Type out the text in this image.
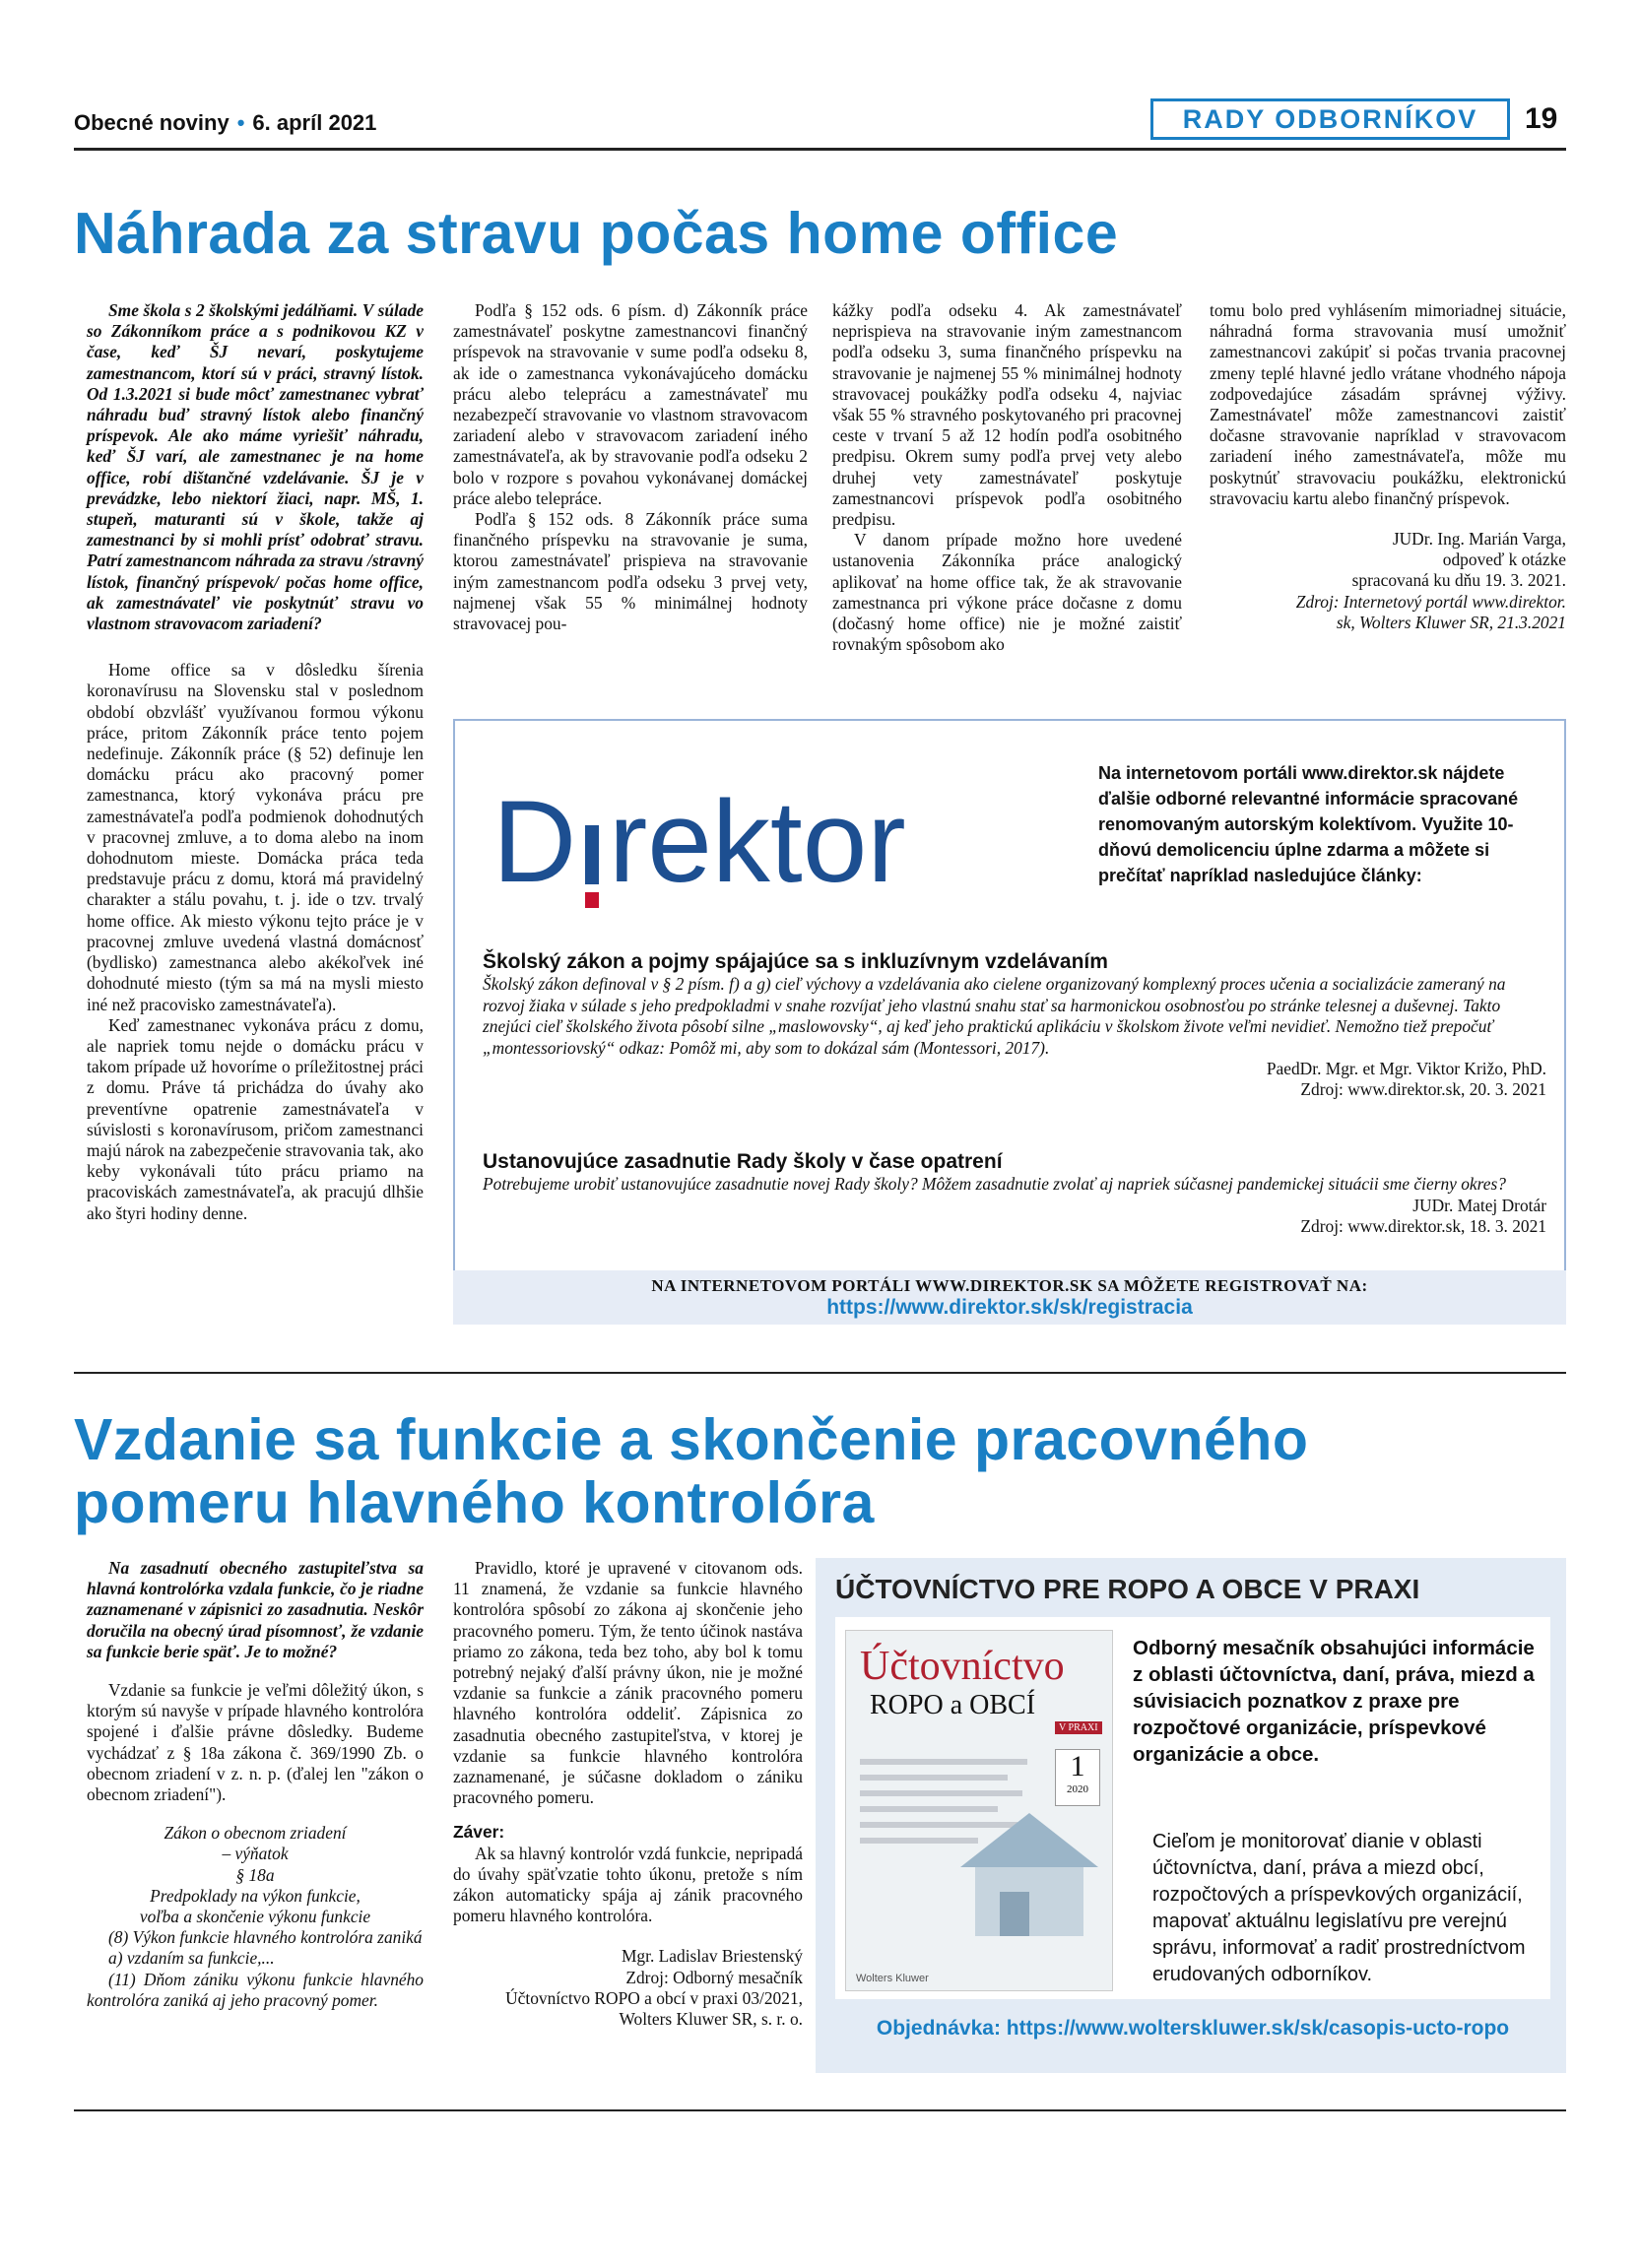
Obecné noviny • 6. apríl 2021	RADY ODBORNÍKOV	19
Náhrada za stravu počas home office

Sme škola s 2 školskými jedálňami. V súlade so Zákonníkom práce a s podnikovou KZ v čase, keď ŠJ nevarí, poskytujeme zamestnancom, ktorí sú v práci, stravný lístok. Od 1.3.2021 si bude môcť zamestnanec vybrať náhradu buď stravný lístok alebo finančný príspevok. Ale ako máme vyriešiť náhradu, keď ŠJ varí, ale zamestnanec je na home office, robí dištančné vzdelávanie. ŠJ je v prevádzke, lebo niektorí žiaci, napr. MŠ, 1. stupeň, maturanti sú v škole, takže aj zamestnanci by si mohli prísť odobrať stravu. Patrí zamestnancom náhrada za stravu /stravný lístok, finančný príspevok/ počas home office, ak zamestnávateľ vie poskytnúť stravu vo vlastnom stravovacom zariadení?

Home office sa v dôsledku šírenia koronavírusu na Slovensku stal v poslednom období obzvlášť využívanou formou výkonu práce, pritom Zákonník práce tento pojem nedefinuje. Zákonník práce (§ 52) definuje len domácku prácu ako pracovný pomer zamestnanca, ktorý vykonáva prácu pre zamestnávateľa podľa podmienok dohodnutých v pracovnej zmluve, a to doma alebo na inom dohodnutom mieste. Domácka práca teda predstavuje prácu z domu, ktorá má pravidelný charakter a stálu povahu, t. j. ide o tzv. trvalý home office. Ak miesto výkonu tejto práce je v pracovnej zmluve uvedená vlastná domácnosť (bydlisko) zamestnanca alebo akékoľvek iné dohodnuté miesto (tým sa má na mysli miesto iné než pracovisko zamestnávateľa).

Keď zamestnanec vykonáva prácu z domu, ale napriek tomu nejde o domácku prácu v takom prípade už hovoríme o príležitostnej práci z domu. Práve tá prichádza do úvahy ako preventívne opatrenie zamestnávateľa v súvislosti s koronavírusom, pričom zamestnanci majú nárok na zabezpečenie stravovania tak, ako keby vykonávali túto prácu priamo na pracoviskách zamestnávateľa, ak pracujú dlhšie ako štyri hodiny denne.

Podľa § 152 ods. 6 písm. d) Zákonník práce zamestnávateľ poskytne zamestnancovi finančný príspevok na stravovanie v sume podľa odseku 8, ak ide o zamestnanca vykonávajúceho domácku prácu alebo teleprácu a zamestnávateľ mu nezabezpečí stravovanie vo vlastnom stravovacom zariadení alebo v stravovacom zariadení iného zamestnávateľa, ak by stravovanie podľa odseku 2 bolo v rozpore s povahou vykonávanej domáckej práce alebo telepráce.

Podľa § 152 ods. 8 Zákonník práce suma finančného príspevku na stravovanie je suma, ktorou zamestnávateľ prispieva na stravovanie iným zamestnancom podľa odseku 3 prvej vety, najmenej však 55 % minimálnej hodnoty stravovacej pou-

kážky podľa odseku 4. Ak zamestnávateľ neprispieva na stravovanie iným zamestnancom podľa odseku 3, suma finančného príspevku na stravovanie je najmenej 55 % minimálnej hodnoty stravovacej poukážky podľa odseku 4, najviac však 55 % stravného poskytovaného pri pracovnej ceste v trvaní 5 až 12 hodín podľa osobitného predpisu. Okrem sumy podľa prvej vety alebo druhej vety zamestnávateľ poskytuje zamestnancovi príspevok podľa osobitného predpisu.

V danom prípade možno hore uvedené ustanovenia Zákonníka práce analogický aplikovať na home office tak, že ak stravovanie zamestnanca pri výkone práce dočasne z domu (dočasný home office) nie je možné zaistiť rovnakým spôsobom ako

tomu bolo pred vyhlásením mimoriadnej situácie, náhradná forma stravovania musí umožniť zamestnancovi zakúpiť si počas trvania pracovnej zmeny teplé hlavné jedlo vrátane vhodného nápoja zodpovedajúce zásadám správnej výživy. Zamestnávateľ môže zamestnancovi zaistiť dočasne stravovanie napríklad v stravovacom zariadení iného zamestnávateľa, môže mu poskytnúť stravovaciu poukážku, elektronickú stravovaciu kartu alebo finančný príspevok.

JUDr. Ing. Marián Varga,
odpoveď k otázke
spracovaná ku dňu 19. 3. 2021.
Zdroj: Internetový portál www.direktor.
sk, Wolters Kluwer SR, 21.3.2021
D rektor
Na internetovom portáli www.direktor.sk nájdete ďalšie odborné relevantné informácie spracované renomovaným autorským kolektívom. Využite 10-dňovú demolicenciu úplne zdarma a môžete si prečítať napríklad nasledujúce články:
Školský zákon a pojmy spájajúce sa s inkluzívnym vzdelávaním
Školský zákon definoval v § 2 písm. f) a g) cieľ výchovy a vzdelávania ako cielene organizovaný komplexný proces učenia a socializácie zameraný na rozvoj žiaka v súlade s jeho predpokladmi v snahe rozvíjať jeho vlastnú snahu stať sa harmonickou osobnosťou po stránke telesnej a duševnej. Takto znejúci cieľ školského života pôsobí silne „maslowovsky“, aj keď jeho praktickú aplikáciu v školskom živote veľmi nevidieť. Nemožno tiež prepočuť „montessoriovský“ odkaz: Pomôž mi, aby som to dokázal sám (Montessori, 2017).
PaedDr. Mgr. et Mgr. Viktor Križo, PhD.
Zdroj: www.direktor.sk, 20. 3. 2021
Ustanovujúce zasadnutie Rady školy v čase opatrení
Potrebujeme urobiť ustanovujúce zasadnutie novej Rady školy? Môžem zasadnutie zvolať aj napriek súčasnej pandemickej situácii sme čierny okres?
JUDr. Matej Drotár
Zdroj: www.direktor.sk, 18. 3. 2021
NA INTERNETOVOM PORTÁLI WWW.DIREKTOR.SK SA MÔŽETE REGISTROVAŤ NA:
https://www.direktor.sk/sk/registracia
Vzdanie sa funkcie a skončenie pracovného
pomeru hlavného kontrolóra

Na zasadnutí obecného zastupiteľstva sa hlavná kontrolórka vzdala funkcie, čo je riadne zaznamenané v zápisnici zo zasadnutia. Neskôr doručila na obecný úrad písomnosť, že vzdanie sa funkcie berie späť. Je to možné?

Vzdanie sa funkcie je veľmi dôležitý úkon, s ktorým sú navyše v prípade hlavného kontrolóra spojené i ďalšie právne dôsledky. Budeme vychádzať z § 18a zákona č. 369/1990 Zb. o obecnom zriadení v z. n. p. (ďalej len "zákon o obecnom zriadení").

Zákon o obecnom zriadení
– výňatok
§ 18a
Predpoklady na výkon funkcie,
voľba a skončenie výkonu funkcie

(8) Výkon funkcie hlavného kontrolóra zaniká

a) vzdaním sa funkcie,...

(11) Dňom zániku výkonu funkcie hlavného kontrolóra zaniká aj jeho pracovný pomer.

Pravidlo, ktoré je upravené v citovanom ods. 11 znamená, že vzdanie sa funkcie hlavného kontrolóra spôsobí zo zákona aj skončenie jeho pracovného pomeru. Tým, že tento účinok nastáva priamo zo zákona, teda bez toho, aby bol k tomu potrebný nejaký ďalší právny úkon, nie je možné vzdanie sa funkcie a zánik pracovného pomeru hlavného kontrolóra oddeliť. Zápisnica zo zasadnutia obecného zastupiteľstva, v ktorej je vzdanie sa funkcie hlavného kontrolóra zaznamenané, je súčasne dokladom o zániku pracovného pomeru.

Záver:

Ak sa hlavný kontrolór vzdá funkcie, nepripadá do úvahy späťvzatie tohto úkonu, pretože s ním zákon automaticky spája aj zánik pracovného pomeru hlavného kontrolóra.

Mgr. Ladislav Briestenský
Zdroj: Odborný mesačník
Účtovníctvo ROPO a obcí v praxi 03/2021,
Wolters Kluwer SR, s. r. o.
ÚČTOVNÍCTVO PRE ROPO A OBCE V PRAXI
Účtovníctvo
ROPO a OBCÍ
V PRAXI
1
2020
Wolters Kluwer
Odborný mesačník obsahujúci informácie z oblasti účtovníctva, daní, práva, miezd a súvisiacich poznatkov z praxe pre rozpočtové organizácie, príspevkové organizácie a obce.
Cieľom je monitorovať dianie v oblasti účtovníctva, daní, práva a miezd obcí, rozpočtových a príspevkových organizácií, mapovať aktuálnu legislatívu pre verejnú správu, informovať a radiť prostredníctvom erudovaných odborníkov.
Objednávka: https://www.wolterskluwer.sk/sk/casopis-ucto-ropo
